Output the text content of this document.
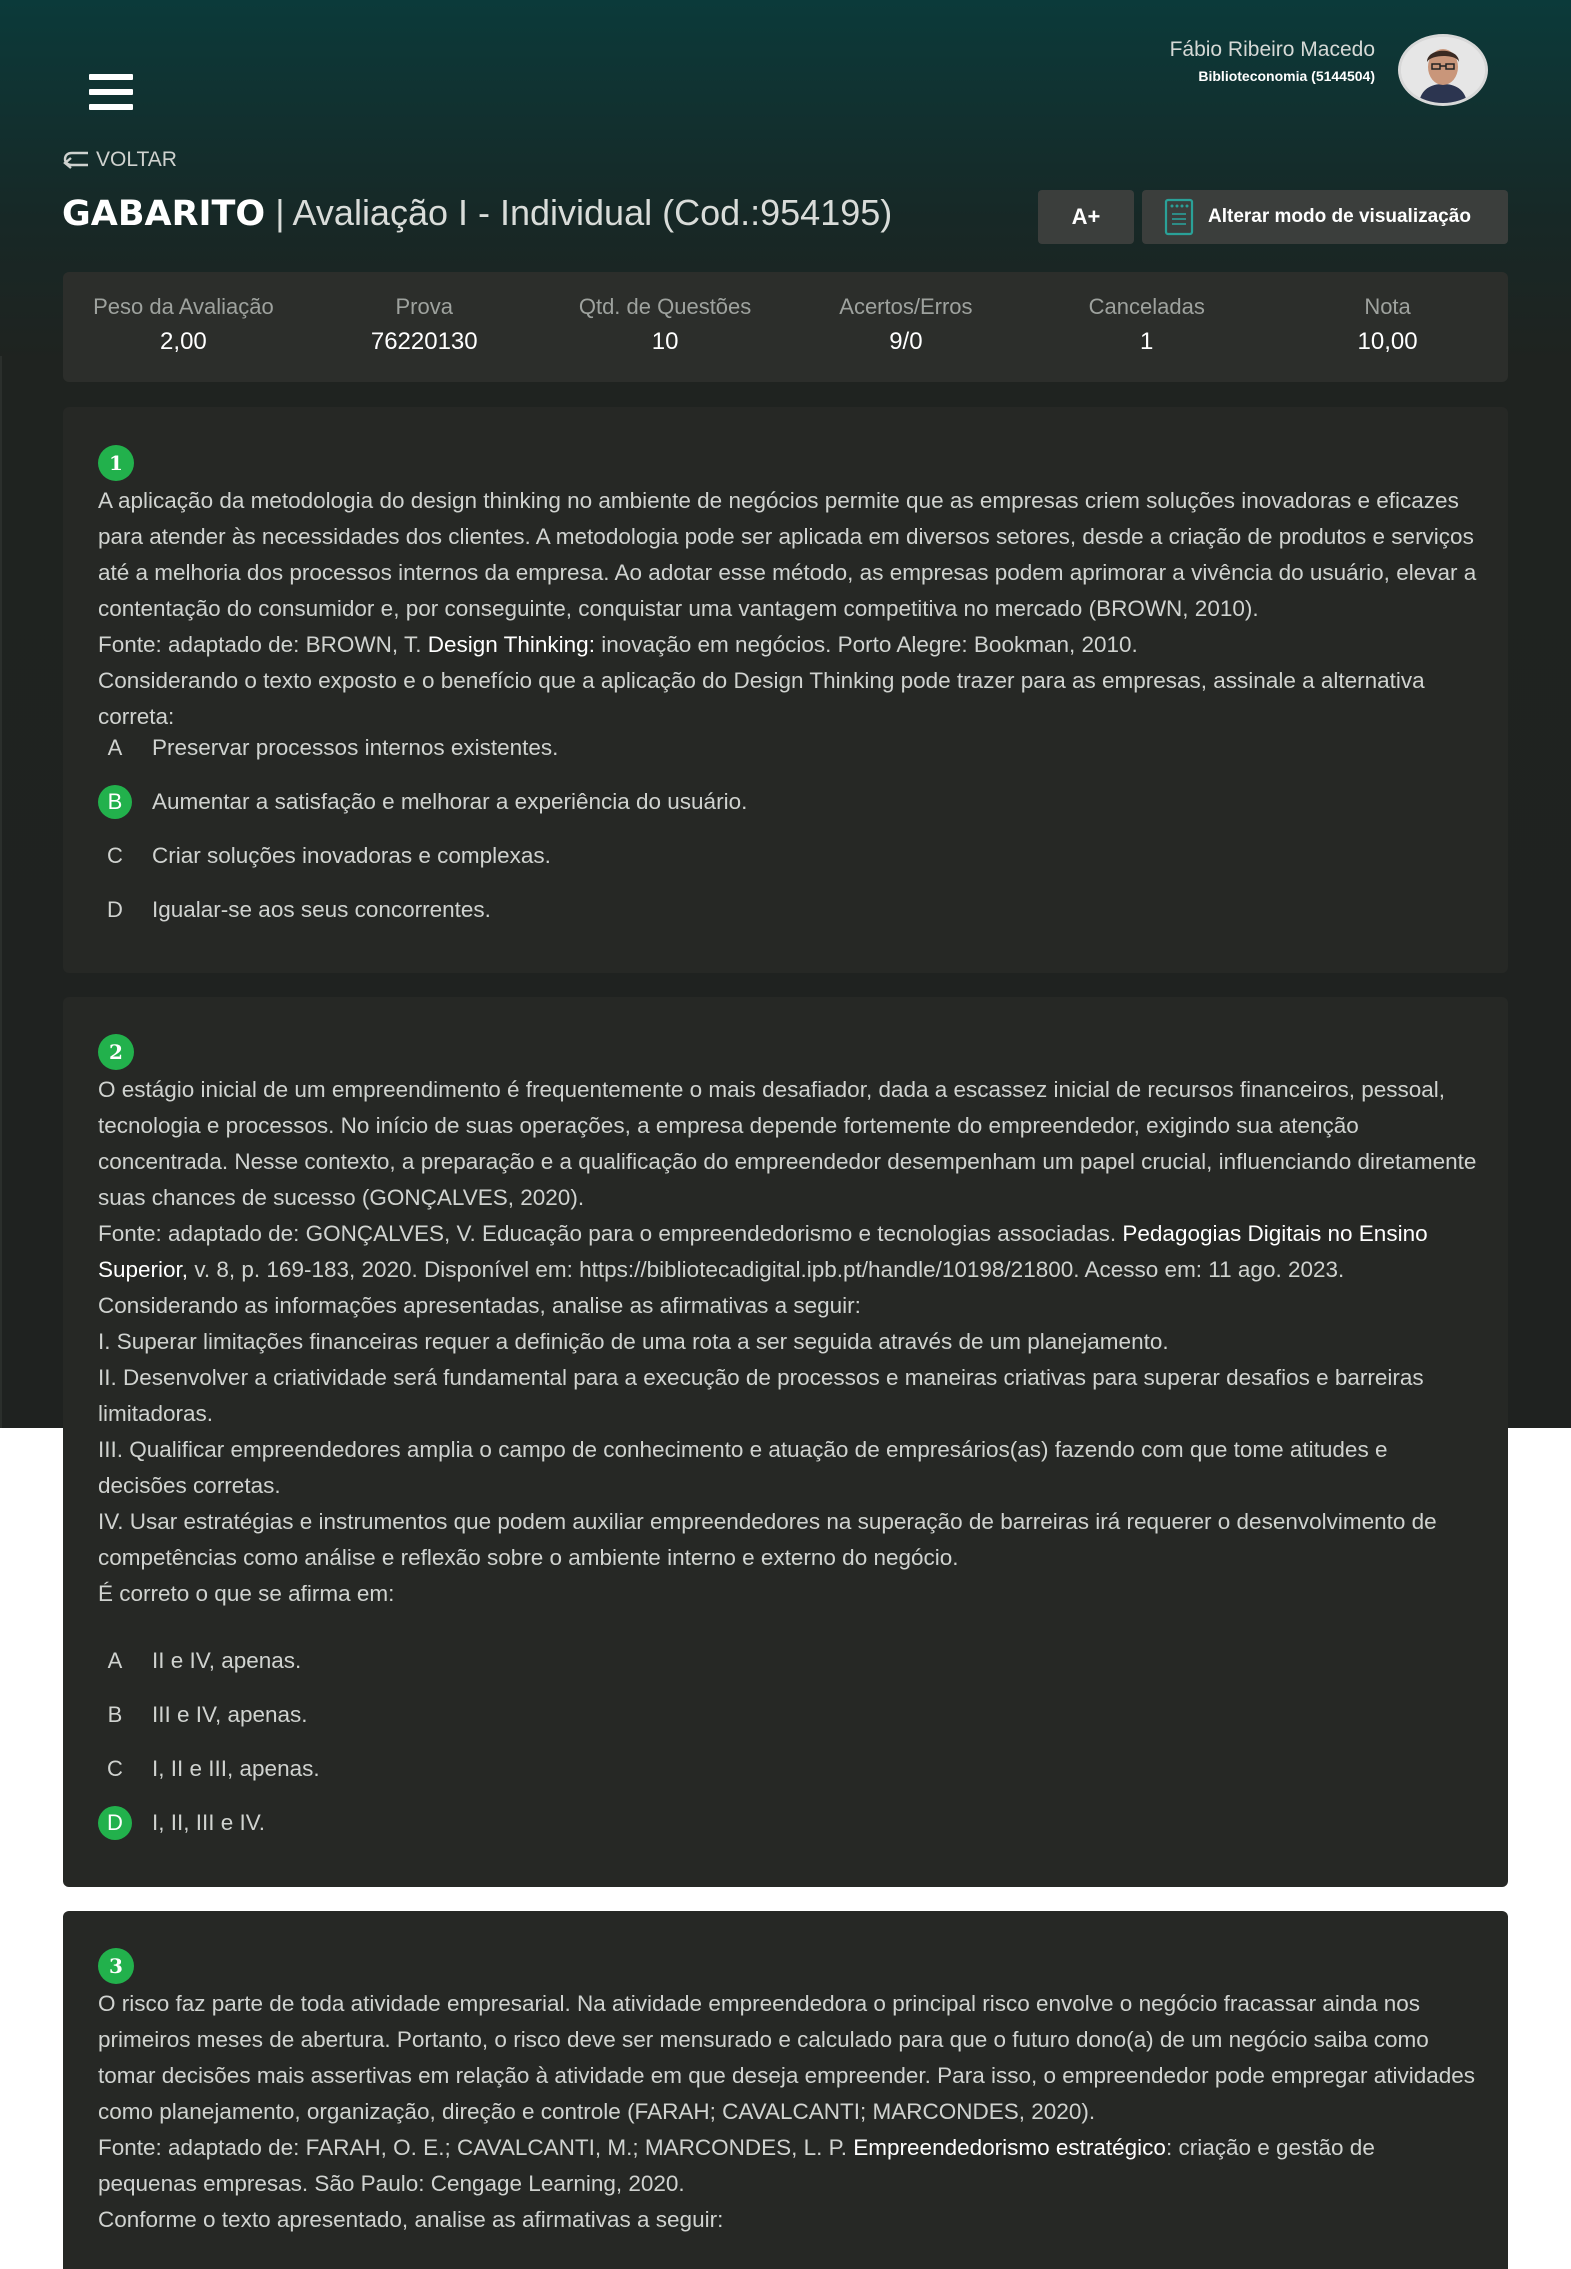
Fábio Ribeiro Macedo
Biblioteconomia (5144504)
VOLTAR
GABARITO | Avaliação I - Individual (Cod.:954195)	A+	Alterar modo de visualização
Peso da Avaliação
2,00
Prova
76220130
Qtd. de Questões
10
Acertos/Erros
9/0
Canceladas
1
Nota
10,00
1

A aplicação da metodologia do design thinking no ambiente de negócios permite que as empresas criem soluções inovadoras e eficazes para atender às necessidades dos clientes. A metodologia pode ser aplicada em diversos setores, desde a criação de produtos e serviços até a melhoria dos processos internos da empresa. Ao adotar esse método, as empresas podem aprimorar a vivência do usuário, elevar a contentação do consumidor e, por conseguinte, conquistar uma vantagem competitiva no mercado (BROWN, 2010).

Fonte: adaptado de: BROWN, T. Design Thinking: inovação em negócios. Porto Alegre: Bookman, 2010.

Considerando o texto exposto e o benefício que a aplicação do Design Thinking pode trazer para as empresas, assinale a alternativa correta:

A	Preservar processos internos existentes.
B	Aumentar a satisfação e melhorar a experiência do usuário.
C	Criar soluções inovadoras e complexas.
D	Igualar-se aos seus concorrentes.
2

O estágio inicial de um empreendimento é frequentemente o mais desafiador, dada a escassez inicial de recursos financeiros, pessoal, tecnologia e processos. No início de suas operações, a empresa depende fortemente do empreendedor, exigindo sua atenção concentrada. Nesse contexto, a preparação e a qualificação do empreendedor desempenham um papel crucial, influenciando diretamente suas chances de sucesso (GONÇALVES, 2020).

Fonte: adaptado de: GONÇALVES, V. Educação para o empreendedorismo e tecnologias associadas. Pedagogias Digitais no Ensino Superior, v. 8, p. 169-183, 2020. Disponível em: https://bibliotecadigital.ipb.pt/handle/10198/21800. Acesso em: 11 ago. 2023.

Considerando as informações apresentadas, analise as afirmativas a seguir:

I. Superar limitações financeiras requer a definição de uma rota a ser seguida através de um planejamento.

II. Desenvolver a criatividade será fundamental para a execução de processos e maneiras criativas para superar desafios e barreiras limitadoras.

III. Qualificar empreendedores amplia o campo de conhecimento e atuação de empresários(as) fazendo com que tome atitudes e decisões corretas.

IV. Usar estratégias e instrumentos que podem auxiliar empreendedores na superação de barreiras irá requerer o desenvolvimento de competências como análise e reflexão sobre o ambiente interno e externo do negócio.

É correto o que se afirma em:

A	II e IV, apenas.
B	III e IV, apenas.
C	I, II e III, apenas.
D	I, II, III e IV.
3

O risco faz parte de toda atividade empresarial. Na atividade empreendedora o principal risco envolve o negócio fracassar ainda nos primeiros meses de abertura. Portanto, o risco deve ser mensurado e calculado para que o futuro dono(a) de um negócio saiba como tomar decisões mais assertivas em relação à atividade em que deseja empreender. Para isso, o empreendedor pode empregar atividades como planejamento, organização, direção e controle (FARAH; CAVALCANTI; MARCONDES, 2020).

Fonte: adaptado de: FARAH, O. E.; CAVALCANTI, M.; MARCONDES, L. P. Empreendedorismo estratégico: criação e gestão de pequenas empresas. São Paulo: Cengage Learning, 2020.

Conforme o texto apresentado, analise as afirmativas a seguir:
